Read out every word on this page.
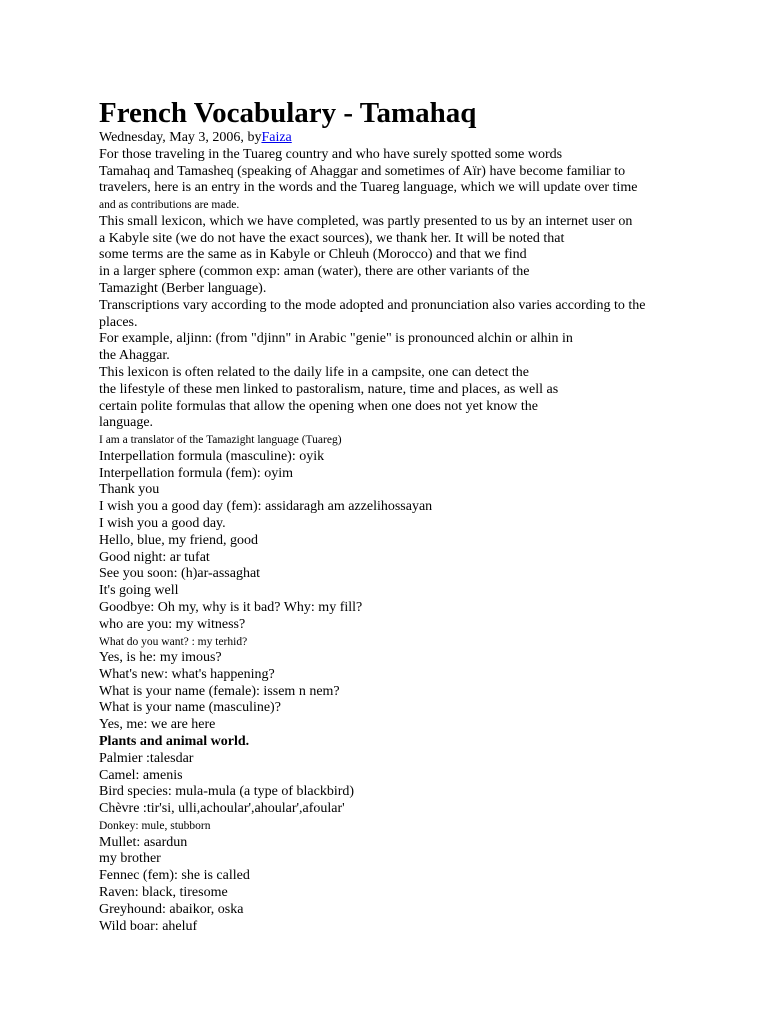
French Vocabulary - Tamahaq
Wednesday, May 3, 2006, byFaiza
For those traveling in the Tuareg country and who have surely spotted some words
Tamahaq and Tamasheq (speaking of Ahaggar and sometimes of Aïr) have become familiar to
travelers, here is an entry in the words and the Tuareg language, which we will update over time
and as contributions are made.
This small lexicon, which we have completed, was partly presented to us by an internet user on
a Kabyle site (we do not have the exact sources), we thank her. It will be noted that
some terms are the same as in Kabyle or Chleuh (Morocco) and that we find
in a larger sphere (common exp: aman (water), there are other variants of the
Tamazight (Berber language).
Transcriptions vary according to the mode adopted and pronunciation also varies according to the
places.
For example, aljinn: (from "djinn" in Arabic "genie" is pronounced alchin or alhin in
the Ahaggar.
This lexicon is often related to the daily life in a campsite, one can detect the
the lifestyle of these men linked to pastoralism, nature, time and places, as well as
certain polite formulas that allow the opening when one does not yet know the
language.
I am a translator of the Tamazight language (Tuareg)
Interpellation formula (masculine): oyik
Interpellation formula (fem): oyim
Thank you
I wish you a good day (fem): assidaragh am azzelihossayan
I wish you a good day.
Hello, blue, my friend, good
Good night: ar tufat
See you soon: (h)ar-assaghat
It's going well
Goodbye: Oh my, why is it bad? Why: my fill?
who are you: my witness?
What do you want? : my terhid?
Yes, is he: my imous?
What's new: what's happening?
What is your name (female): issem n nem?
What is your name (masculine)?
Yes, me: we are here
Plants and animal world.
Palmier :talesdar
Camel: amenis
Bird species: mula-mula (a type of blackbird)
Chèvre :tir'si, ulli,achoular',ahoular',afoular'
Donkey: mule, stubborn
Mullet: asardun
my brother
Fennec (fem): she is called
Raven: black, tiresome
Greyhound: abaikor, oska
Wild boar: aheluf
